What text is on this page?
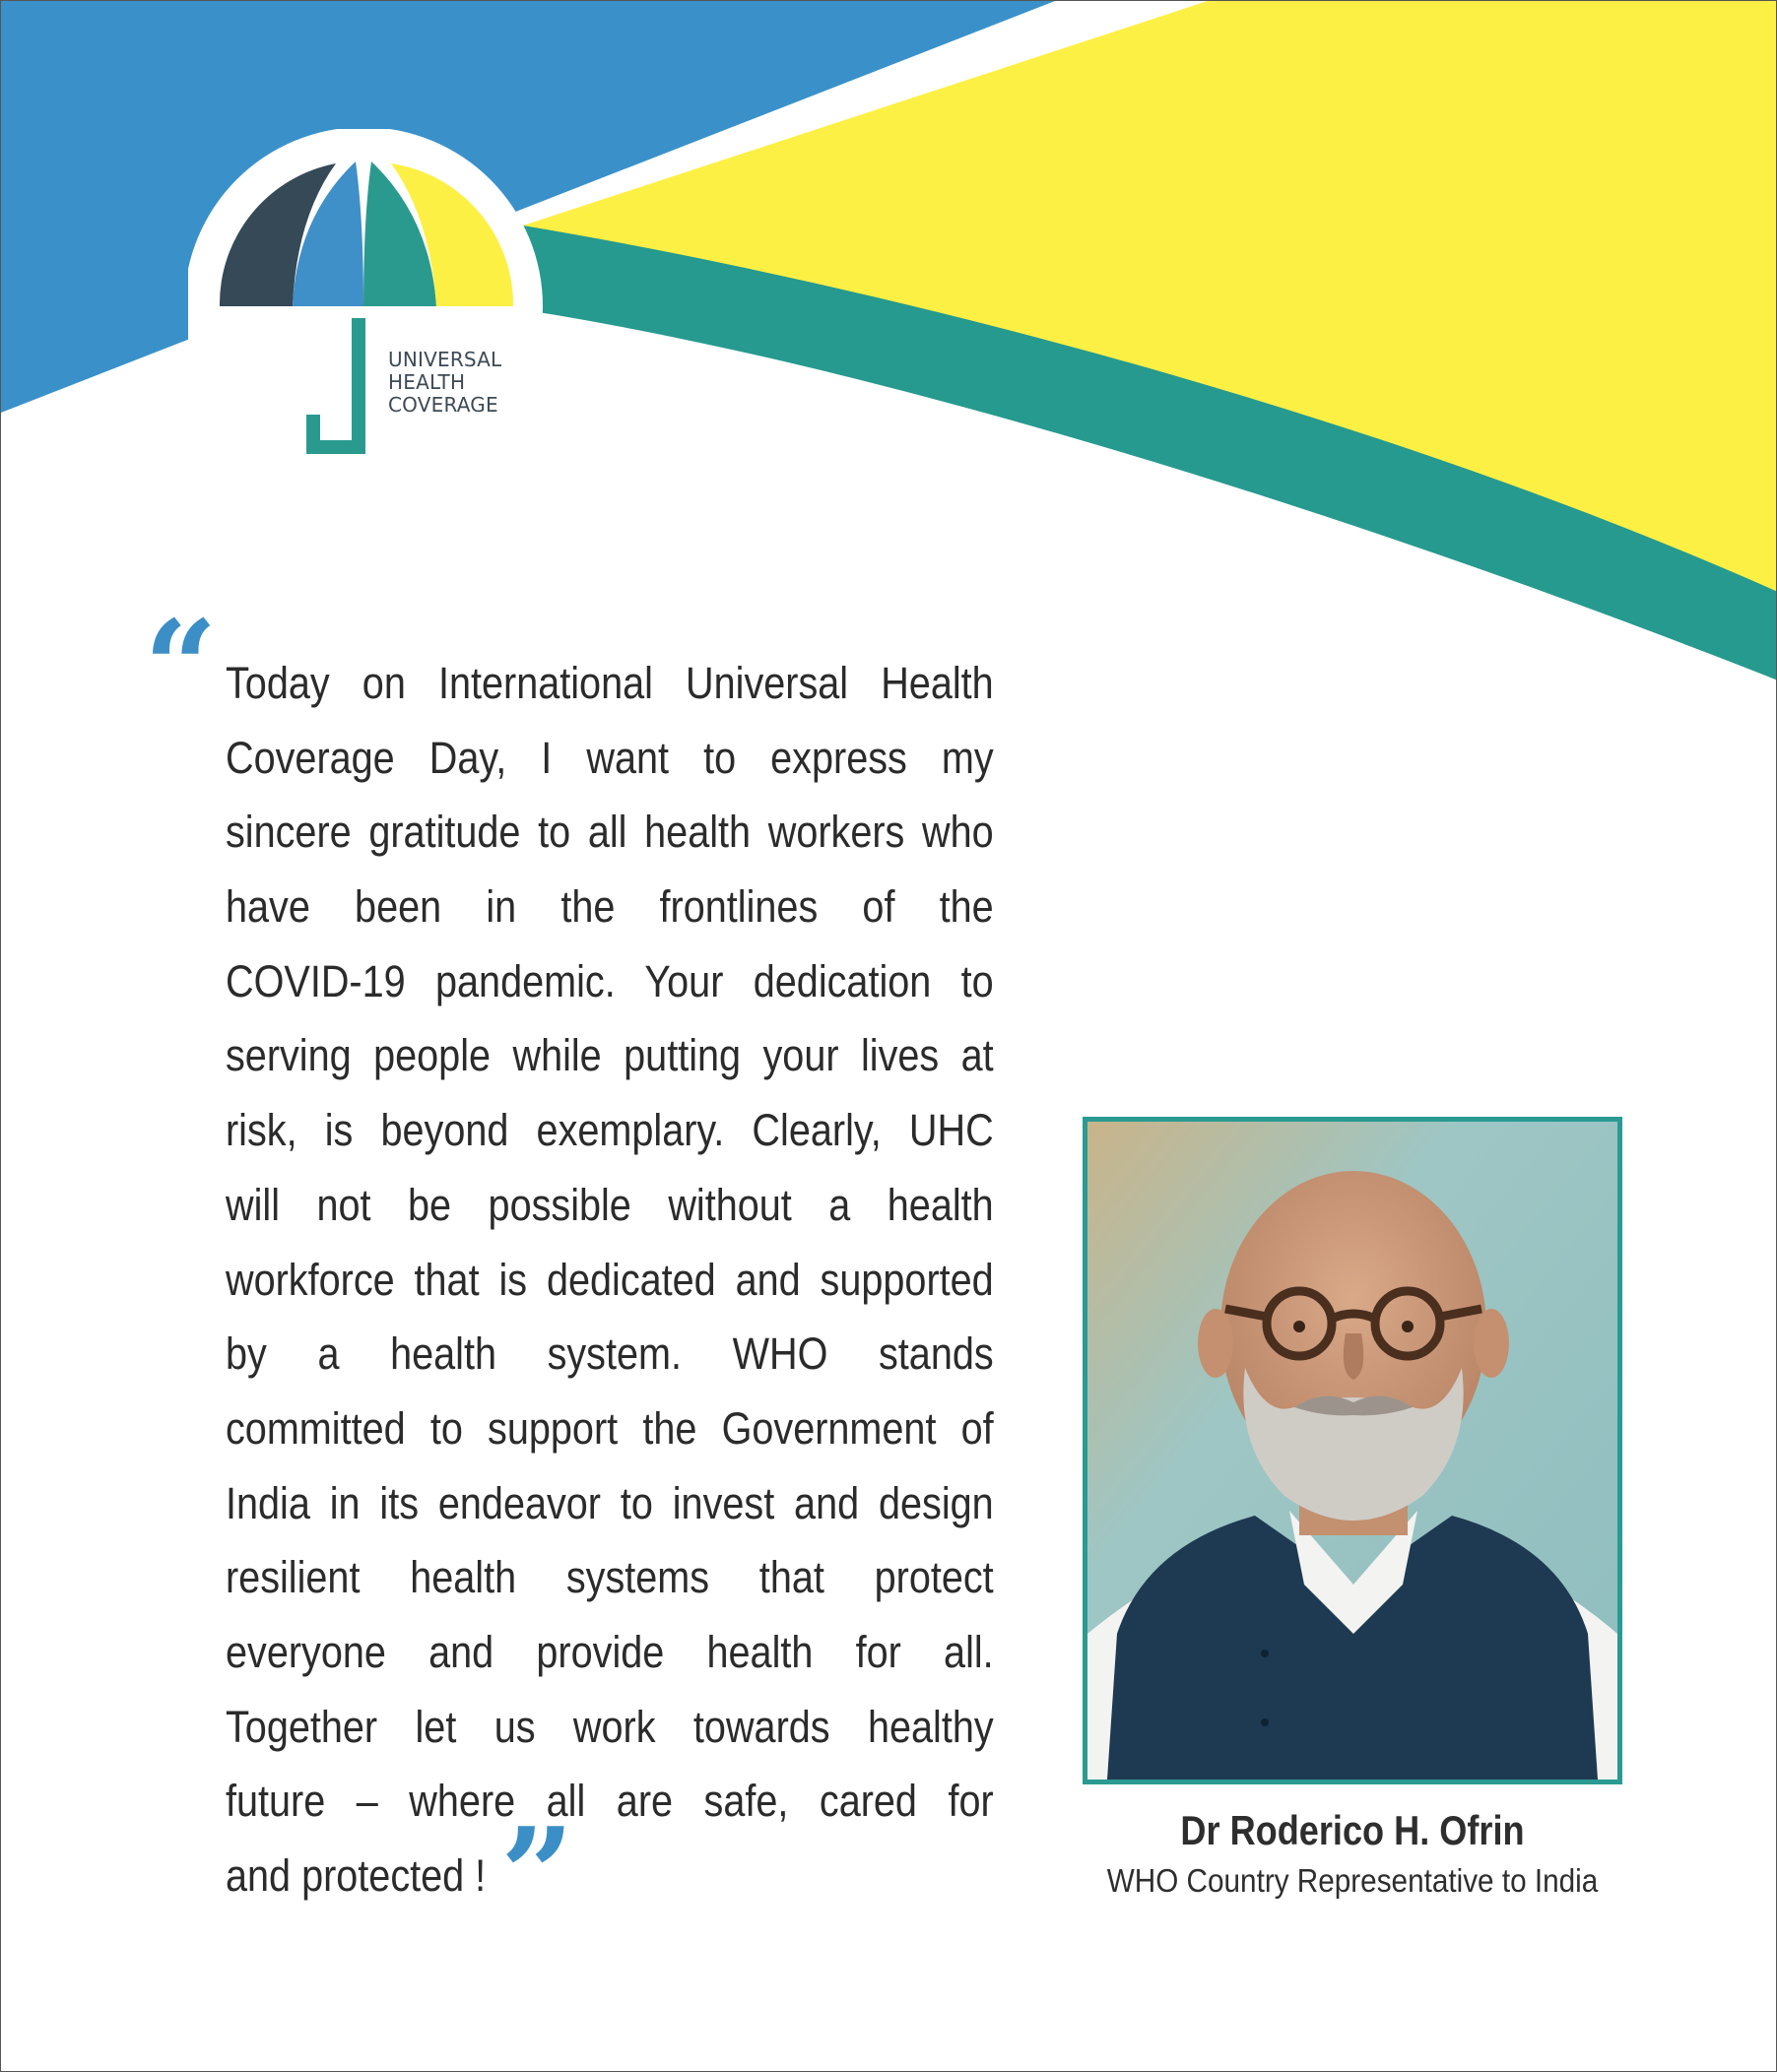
UNIVERSAL
HEALTH
COVERAGE
“ Today on International Universal Health
Coverage Day, I want to express my
sincere gratitude to all health workers who
have been in the frontlines of the
COVID-19 pandemic. Your dedication to
serving people while putting your lives at
risk, is beyond exemplary. Clearly, UHC
will not be possible without a health
workforce that is dedicated and supported
by a health system. WHO stands
committed to support the Government of
India in its endeavor to invest and design
resilient health systems that protect
everyone and provide health for all.
Together let us work towards healthy
future – where all are safe, cared for
and protected ! ”	Dr Roderico H. Ofrin
WHO Country Representative to India
